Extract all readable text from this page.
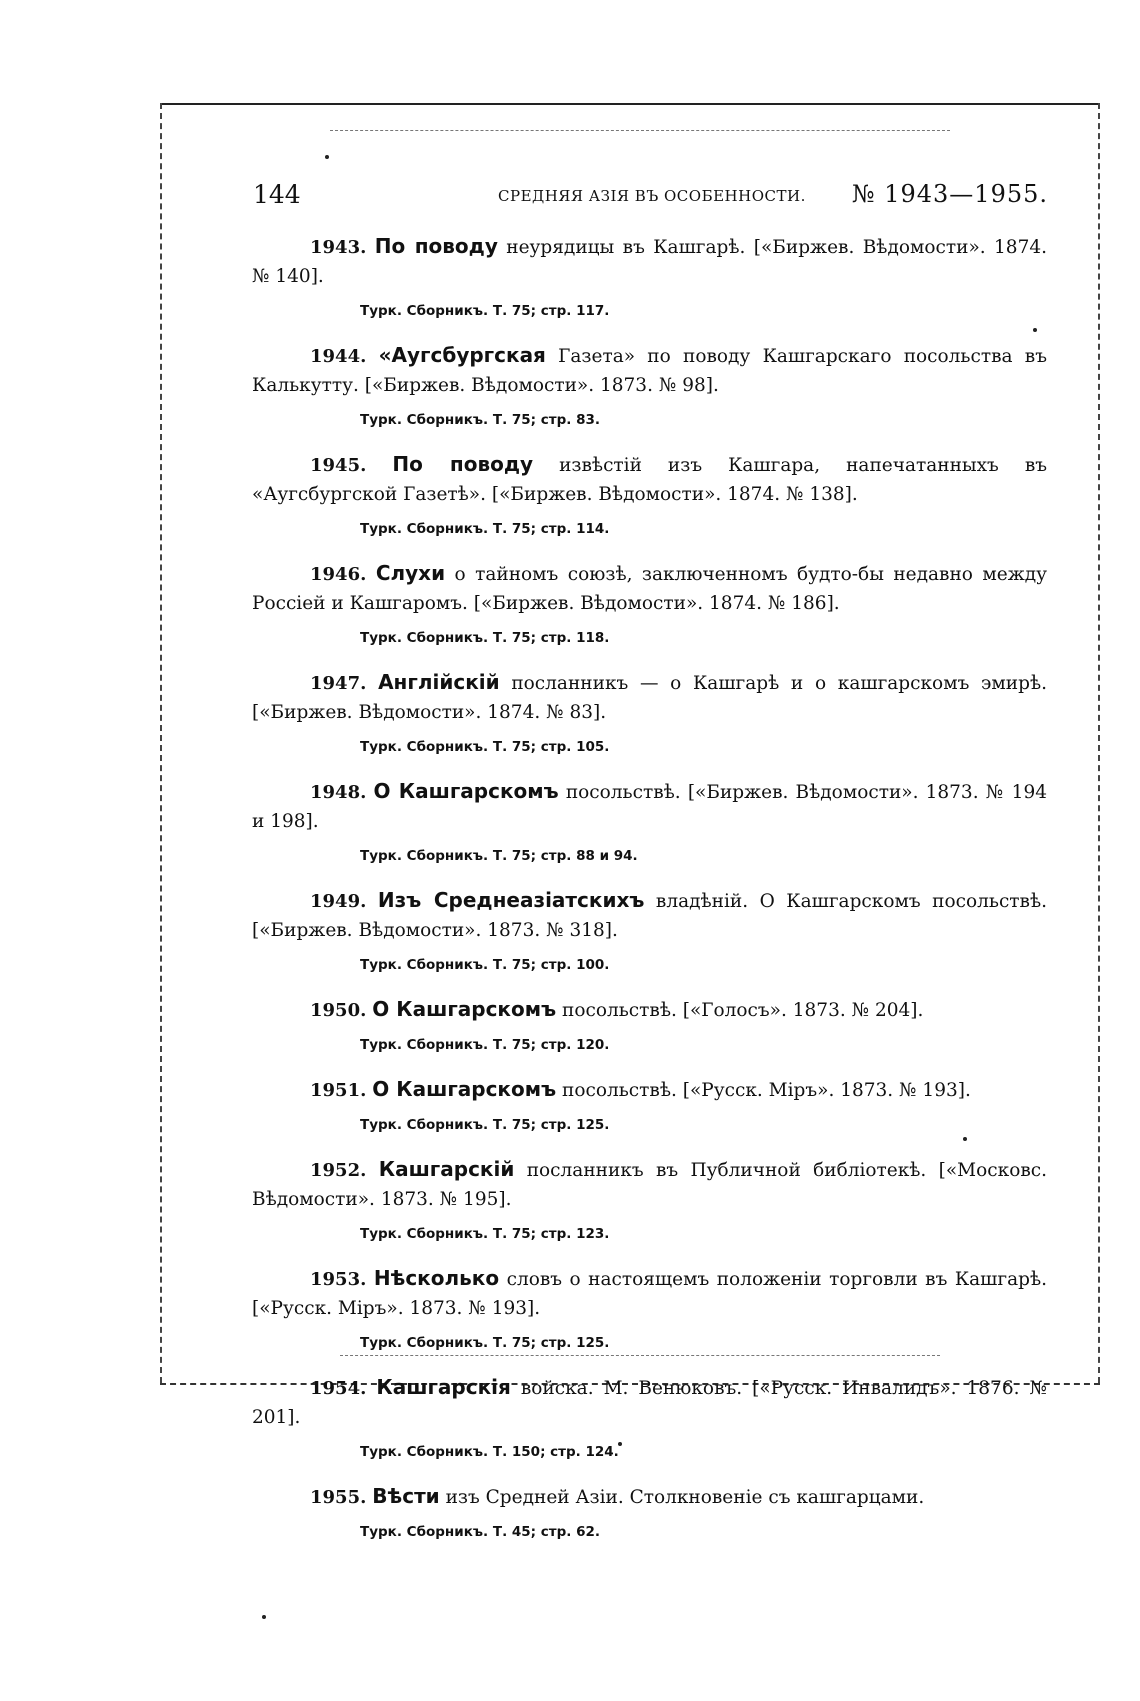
144	СРЕДНЯЯ АЗІЯ ВЪ ОСОБЕННОСТИ. № 1943—1955.

1943. По поводу неурядицы въ Кашгарѣ. [«Биржев. Вѣдомости». 1874. № 140].

Турк. Сборникъ. Т. 75; стр. 117.

1944. «Аугсбургская Газета» по поводу Кашгарскаго посольства въ Калькутту. [«Биржев. Вѣдомости». 1873. № 98].

Турк. Сборникъ. Т. 75; стр. 83.

1945. По поводу извѣстій изъ Кашгара, напечатанныхъ въ «Аугсбургской Газетѣ». [«Биржев. Вѣдомости». 1874. № 138].

Турк. Сборникъ. Т. 75; стр. 114.

1946. Слухи о тайномъ союзѣ, заключенномъ будто-бы недавно между Россіей и Кашгаромъ. [«Биржев. Вѣдомости». 1874. № 186].

Турк. Сборникъ. Т. 75; стр. 118.

1947. Англійскій посланникъ — о Кашгарѣ и о кашгарскомъ эмирѣ. [«Биржев. Вѣдомости». 1874. № 83].

Турк. Сборникъ. Т. 75; стр. 105.

1948. О Кашгарскомъ посольствѣ. [«Биржев. Вѣдомости». 1873. № 194 и 198].

Турк. Сборникъ. Т. 75; стр. 88 и 94.

1949. Изъ Среднеазіатскихъ владѣній. О Кашгарскомъ посольствѣ. [«Биржев. Вѣдомости». 1873. № 318].

Турк. Сборникъ. Т. 75; стр. 100.

1950. О Кашгарскомъ посольствѣ. [«Голосъ». 1873. № 204].

Турк. Сборникъ. Т. 75; стр. 120.

1951. О Кашгарскомъ посольствѣ. [«Русск. Міръ». 1873. № 193].

Турк. Сборникъ. Т. 75; стр. 125.

1952. Кашгарскій посланникъ въ Публичной библіотекѣ. [«Московс. Вѣдомости». 1873. № 195].

Турк. Сборникъ. Т. 75; стр. 123.

1953. Нѣсколько словъ о настоящемъ положеніи торговли въ Кашгарѣ. [«Русск. Міръ». 1873. № 193].

Турк. Сборникъ. Т. 75; стр. 125.

1954. Кашгарскія войска. М. Венюковъ. [«Русск. Инвалидъ». 1876. № 201].

Турк. Сборникъ. Т. 150; стр. 124.

1955. Вѣсти изъ Средней Азіи. Столкновеніе съ кашгарцами.

Турк. Сборникъ. Т. 45; стр. 62.
